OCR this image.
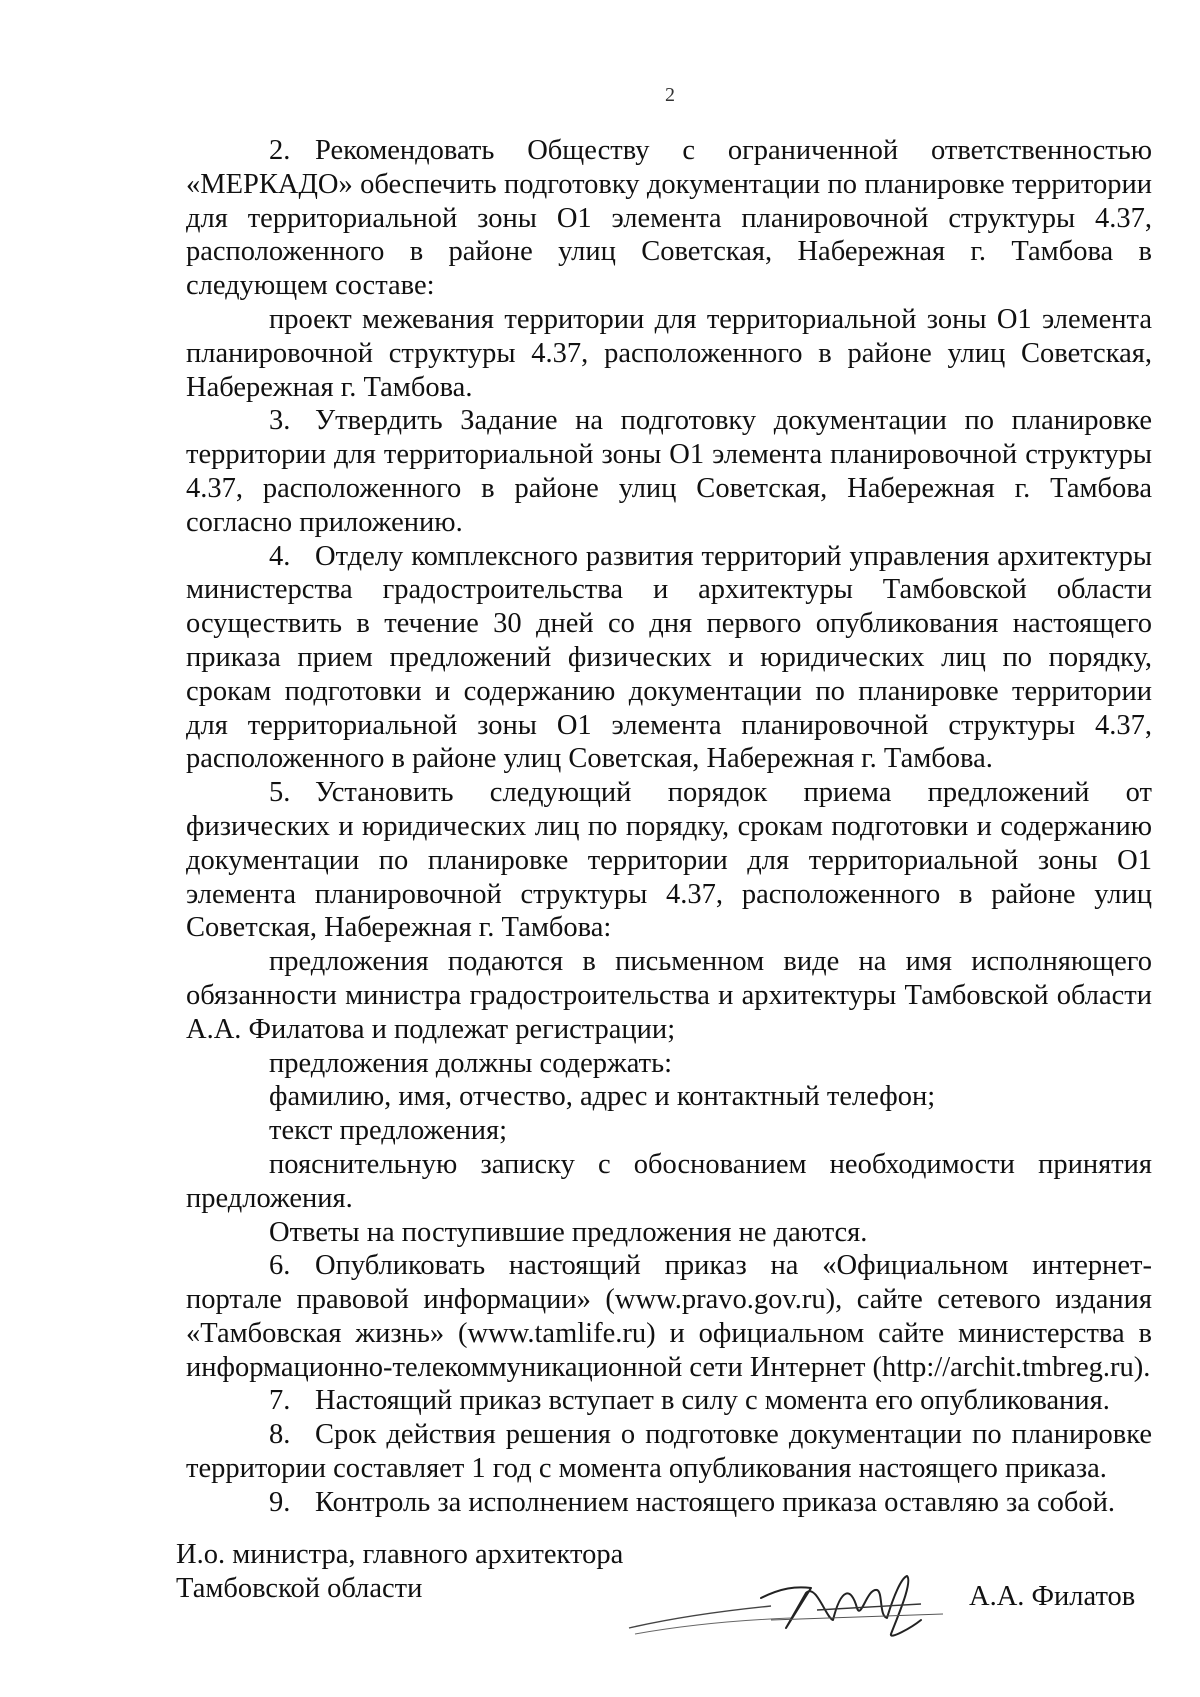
2

2. Рекомендовать Обществу с ограниченной ответственностью «МЕРКАДО» обеспечить подготовку документации по планировке территории для территориальной зоны О1 элемента планировочной структуры 4.37, расположенного в районе улиц Советская, Набережная г. Тамбова в следующем составе:

проект межевания территории для территориальной зоны О1 элемента планировочной структуры 4.37, расположенного в районе улиц Советская, Набережная г. Тамбова.

3. Утвердить Задание на подготовку документации по планировке территории для территориальной зоны О1 элемента планировочной структуры 4.37, расположенного в районе улиц Советская, Набережная г. Тамбова согласно приложению.

4. Отделу комплексного развития территорий управления архитектуры министерства градостроительства и архитектуры Тамбовской области осуществить в течение 30 дней со дня первого опубликования настоящего приказа прием предложений физических и юридических лиц по порядку, срокам подготовки и содержанию документации по планировке территории для территориальной зоны О1 элемента планировочной структуры 4.37, расположенного в районе улиц Советская, Набережная г. Тамбова.

5. Установить следующий порядок приема предложений от физических и юридических лиц по порядку, срокам подготовки и содержанию документации по планировке территории для территориальной зоны О1 элемента планировочной структуры 4.37, расположенного в районе улиц Советская, Набережная г. Тамбова:

предложения подаются в письменном виде на имя исполняющего обязанности министра градостроительства и архитектуры Тамбовской области А.А. Филатова и подлежат регистрации;

предложения должны содержать:

фамилию, имя, отчество, адрес и контактный телефон;

текст предложения;

пояснительную записку с обоснованием необходимости принятия предложения.

Ответы на поступившие предложения не даются.

6. Опубликовать настоящий приказ на «Официальном интернет-портале правовой информации» (www.pravo.gov.ru), сайте сетевого издания «Тамбовская жизнь» (www.tamlife.ru) и официальном сайте министерства в информационно-телекоммуникационной сети Интернет (http://archit.tmbreg.ru).

7. Настоящий приказ вступает в силу с момента его опубликования.

8. Срок действия решения о подготовке документации по планировке территории составляет 1 год с момента опубликования настоящего приказа.

9. Контроль за исполнением настоящего приказа оставляю за собой.

И.о. министра, главного архитектора
Тамбовской области	А.А. Филатов
